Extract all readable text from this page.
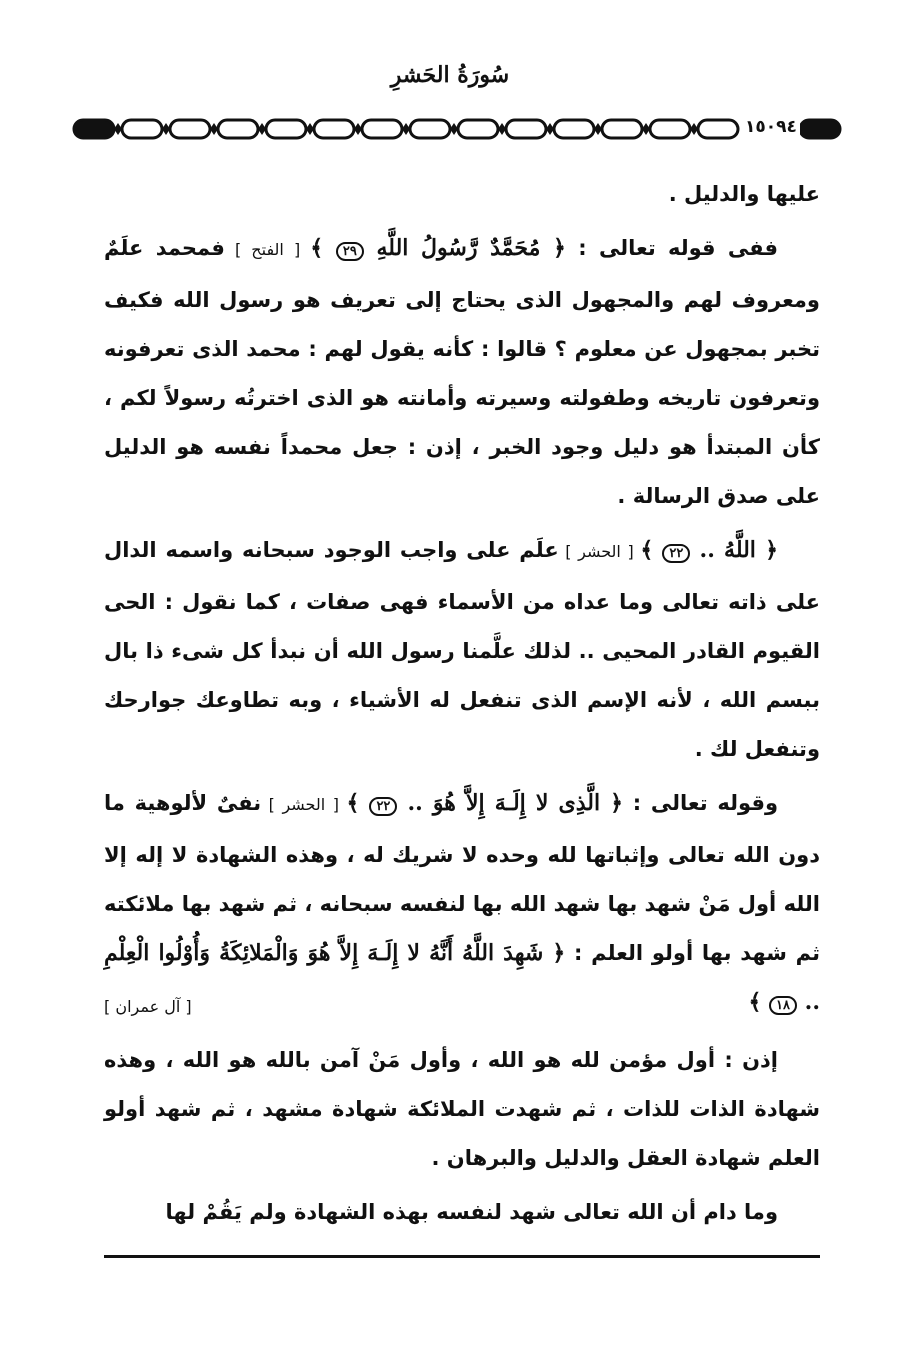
سُورَةُ الحَشرِ
١٥٠٩٤

عليها والدليل .

ففى قوله تعالى : ﴿ مُحَمَّدٌ رَّسُولُ اللَّهِ ٢٩ ﴾ [ الفتح ] فمحمد علَمٌ ومعروف لهم والمجهول الذى يحتاج إلى تعريف هو رسول الله فكيف تخبر بمجهول عن معلوم ؟ قالوا : كأنه يقول لهم : محمد الذى تعرفونه وتعرفون تاريخه وطفولته وسيرته وأمانته هو الذى اخترتُه رسولاً لكم ، كأن المبتدأ هو دليل وجود الخبر ، إذن : جعل محمداً نفسه هو الدليل على صدق الرسالة .

﴿ اللَّهُ .. ٢٢ ﴾ [ الحشر ] علَم على واجب الوجود سبحانه واسمه الدال على ذاته تعالى وما عداه من الأسماء فهى صفات ، كما نقول : الحى القيوم القادر المحيى .. لذلك علَّمنا رسول الله أن نبدأ كل شىء ذا بال ببسم الله ، لأنه الإسم الذى تنفعل له الأشياء ، وبه تطاوعك جوارحك وتنفعل لك .

وقوله تعالى : ﴿ الَّذِى لا إِلَـهَ إِلاَّ هُوَ .. ٢٢ ﴾ [ الحشر ] نفىٌ لألوهية ما دون الله تعالى وإثباتها لله وحده لا شريك له ، وهذه الشهادة لا إله إلا الله أول مَنْ شهد بها شهد الله بها لنفسه سبحانه ، ثم شهد بها ملائكته ثم شهد بها أولو العلم : ﴿ شَهِدَ اللَّهُ أَنَّهُ لا إِلَـهَ إِلاَّ هُوَ وَالْمَلائِكَةُ وَأُوْلُوا الْعِلْمِ .. ١٨ ﴾
[ آل عمران ]

إذن : أول مؤمن لله هو الله ، وأول مَنْ آمن بالله هو الله ، وهذه شهادة الذات للذات ، ثم شهدت الملائكة شهادة مشهد ، ثم شهد أولو العلم شهادة العقل والدليل والبرهان .

وما دام أن الله تعالى شهد لنفسه بهذه الشهادة ولم يَقُمْ لها
